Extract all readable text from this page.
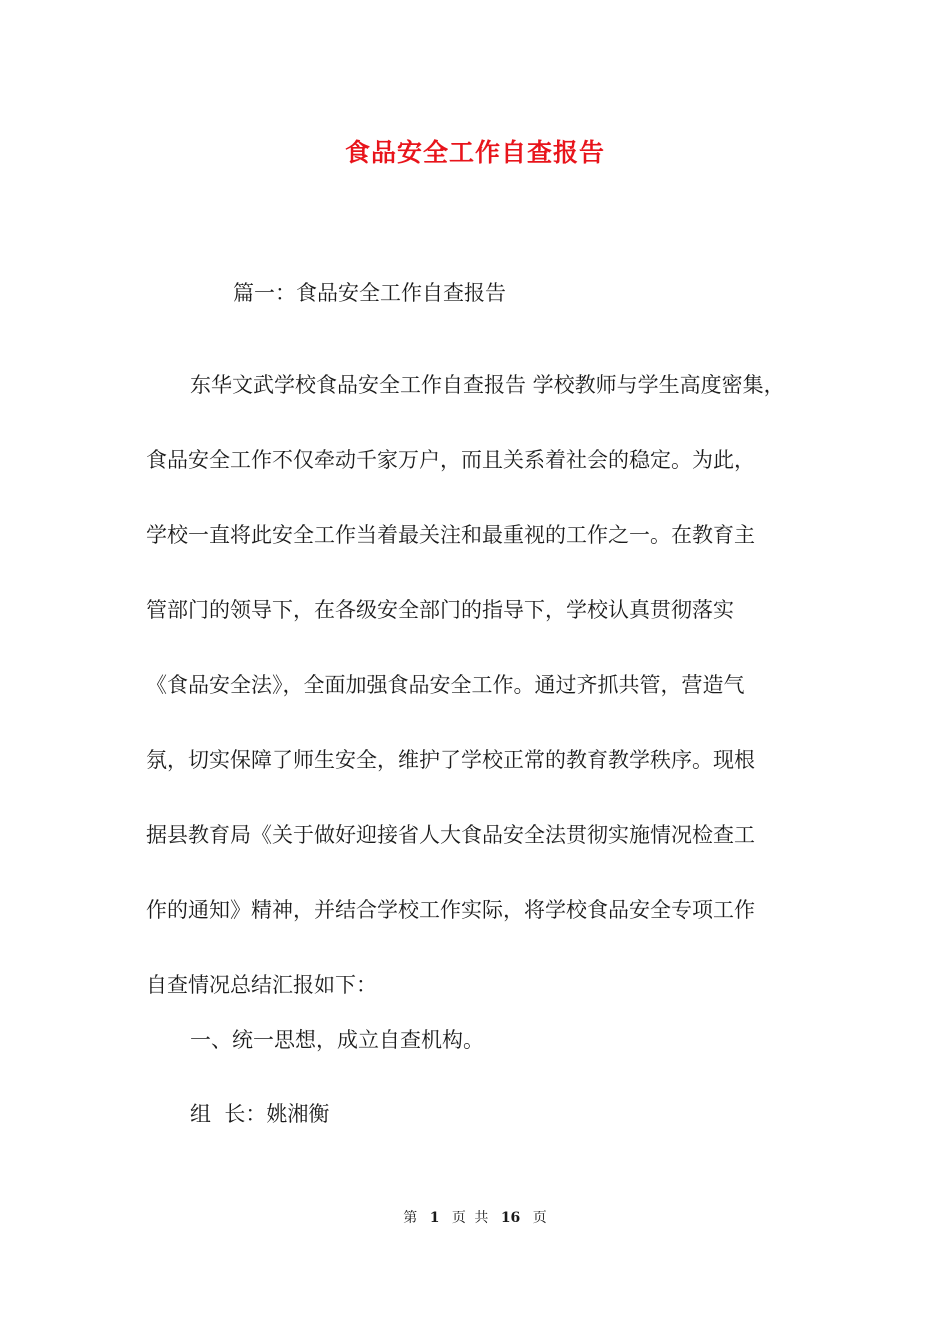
食品安全工作自查报告
篇一：食品安全工作自查报告
东华文武学校食品安全工作自查报告 学校教师与学生高度密集，
食品安全工作不仅牵动千家万户，而且关系着社会的稳定。为此，
学校一直将此安全工作当着最关注和最重视的工作之一。在教育主
管部门的领导下，在各级安全部门的指导下，学校认真贯彻落实
《食品安全法》，全面加强食品安全工作。通过齐抓共管，营造气
氛，切实保障了师生安全，维护了学校正常的教育教学秩序。现根
据县教育局《关于做好迎接省人大食品安全法贯彻实施情况检查工
作的通知》精神，并结合学校工作实际，将学校食品安全专项工作
自查情况总结汇报如下：
一、统一思想，成立自查机构。
组  长：姚湘衡
第 1 页 共 16 页
